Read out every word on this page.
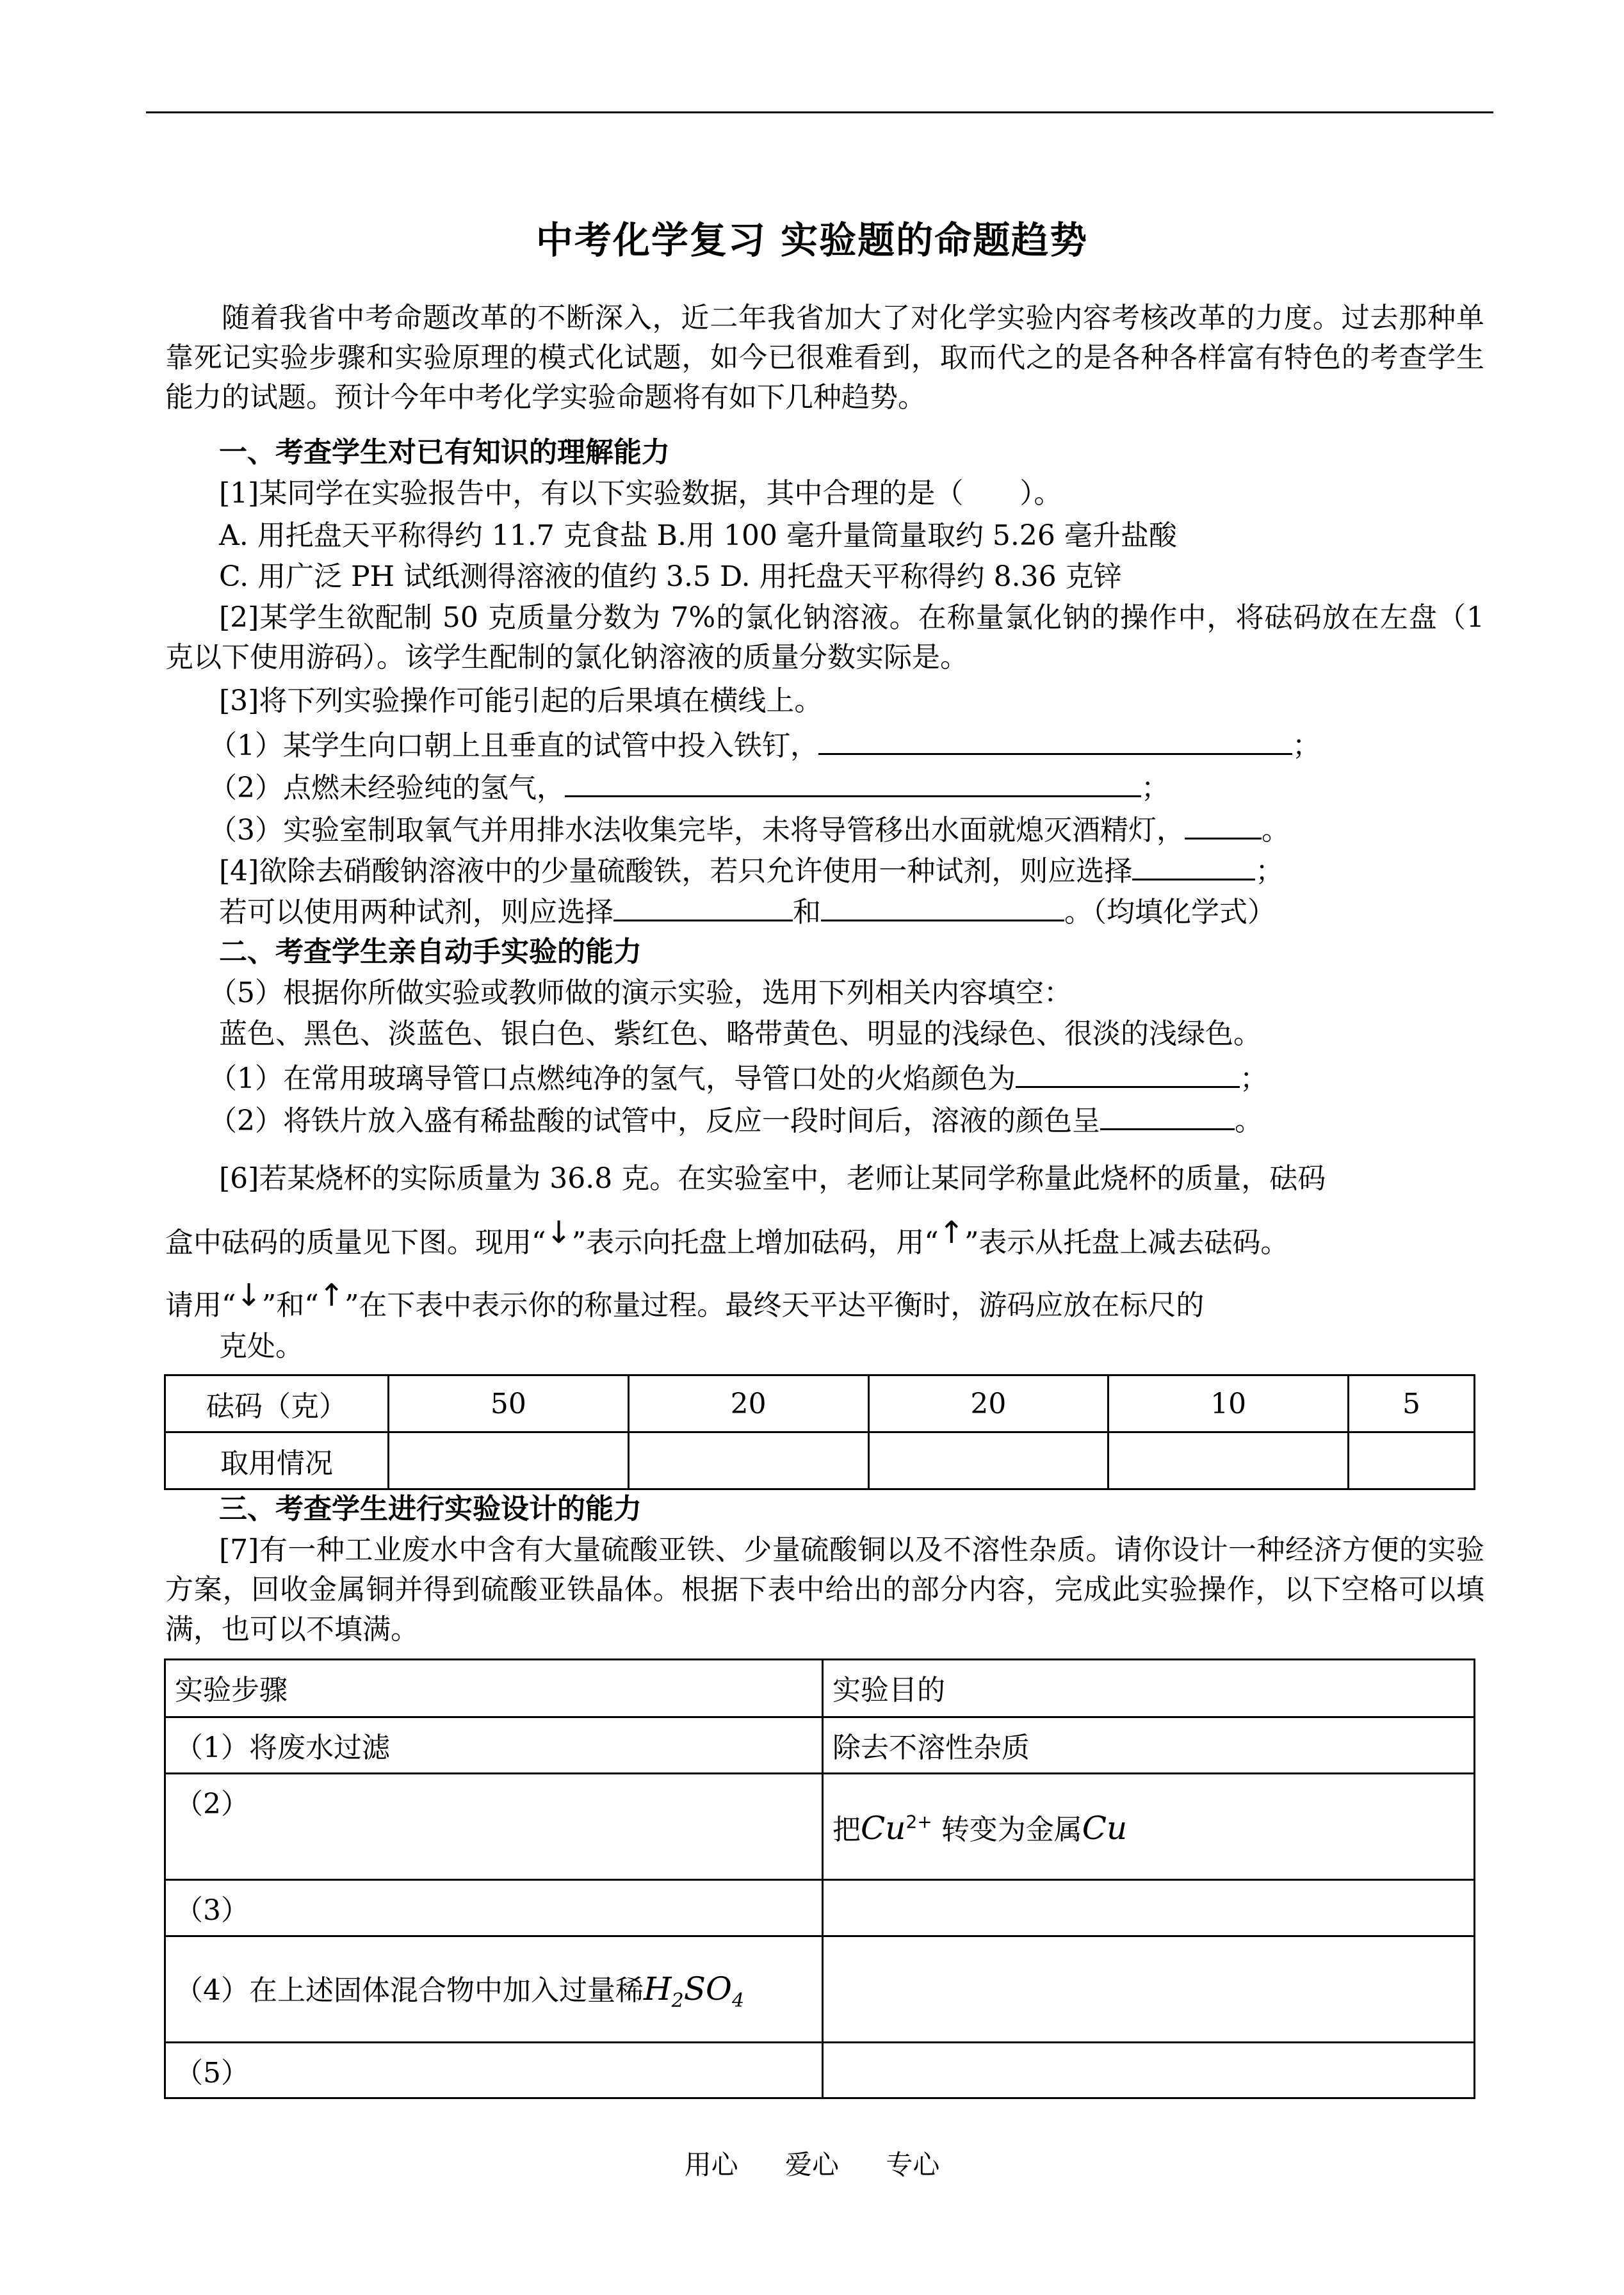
中考化学复习 实验题的命题趋势
随着我省中考命题改革的不断深入，近二年我省加大了对化学实验内容考核改革的力度。过去那种单靠死记实验步骤和实验原理的模式化试题，如今已很难看到，取而代之的是各种各样富有特色的考查学生能力的试题。预计今年中考化学实验命题将有如下几种趋势。
一、考查学生对已有知识的理解能力
[1]某同学在实验报告中，有以下实验数据，其中合理的是（　　）。
A. 用托盘天平称得约 11.7 克食盐 B.用 100 毫升量筒量取约 5.26 毫升盐酸
C. 用广泛 PH 试纸测得溶液的值约 3.5 D. 用托盘天平称得约 8.36 克锌
[2]某学生欲配制 50 克质量分数为 7%的氯化钠溶液。在称量氯化钠的操作中，将砝码放在左盘（1 克以下使用游码）。该学生配制的氯化钠溶液的质量分数实际是。
[3]将下列实验操作可能引起的后果填在横线上。
（1）某学生向口朝上且垂直的试管中投入铁钉，	；
（2）点燃未经验纯的氢气，	；
（3）实验室制取氧气并用排水法收集完毕，未将导管移出水面就熄灭酒精灯，	。
[4]欲除去硝酸钠溶液中的少量硫酸铁，若只允许使用一种试剂，则应选择	；
若可以使用两种试剂，则应选择	和	。（均填化学式）
二、考查学生亲自动手实验的能力
（5）根据你所做实验或教师做的演示实验，选用下列相关内容填空：
蓝色、黑色、淡蓝色、银白色、紫红色、略带黄色、明显的浅绿色、很淡的浅绿色。
（1）在常用玻璃导管口点燃纯净的氢气，导管口处的火焰颜色为	；
（2）将铁片放入盛有稀盐酸的试管中，反应一段时间后，溶液的颜色呈	。
[6]若某烧杯的实际质量为 36.8 克。在实验室中，老师让某同学称量此烧杯的质量，砝码
盒中砝码的质量见下图。现用“↓”表示向托盘上增加砝码，用“↑”表示从托盘上减去砝码。
请用“↓”和“↑”在下表中表示你的称量过程。最终天平达平衡时，游码应放在标尺的
克处。
砝码（克）	50	20	20	10	5
取用情况					
三、考查学生进行实验设计的能力
[7]有一种工业废水中含有大量硫酸亚铁、少量硫酸铜以及不溶性杂质。请你设计一种经济方便的实验方案，回收金属铜并得到硫酸亚铁晶体。根据下表中给出的部分内容，完成此实验操作，以下空格可以填满，也可以不填满。
实验步骤	实验目的
（1）将废水过滤	除去不溶性杂质
（2）	把$Cu^{2+}$ 转变为金属Cu
（3）	
（4）在上述固体混合物中加入过量稀$H_2SO_4$	
（5）	
用心 爱心 专心
